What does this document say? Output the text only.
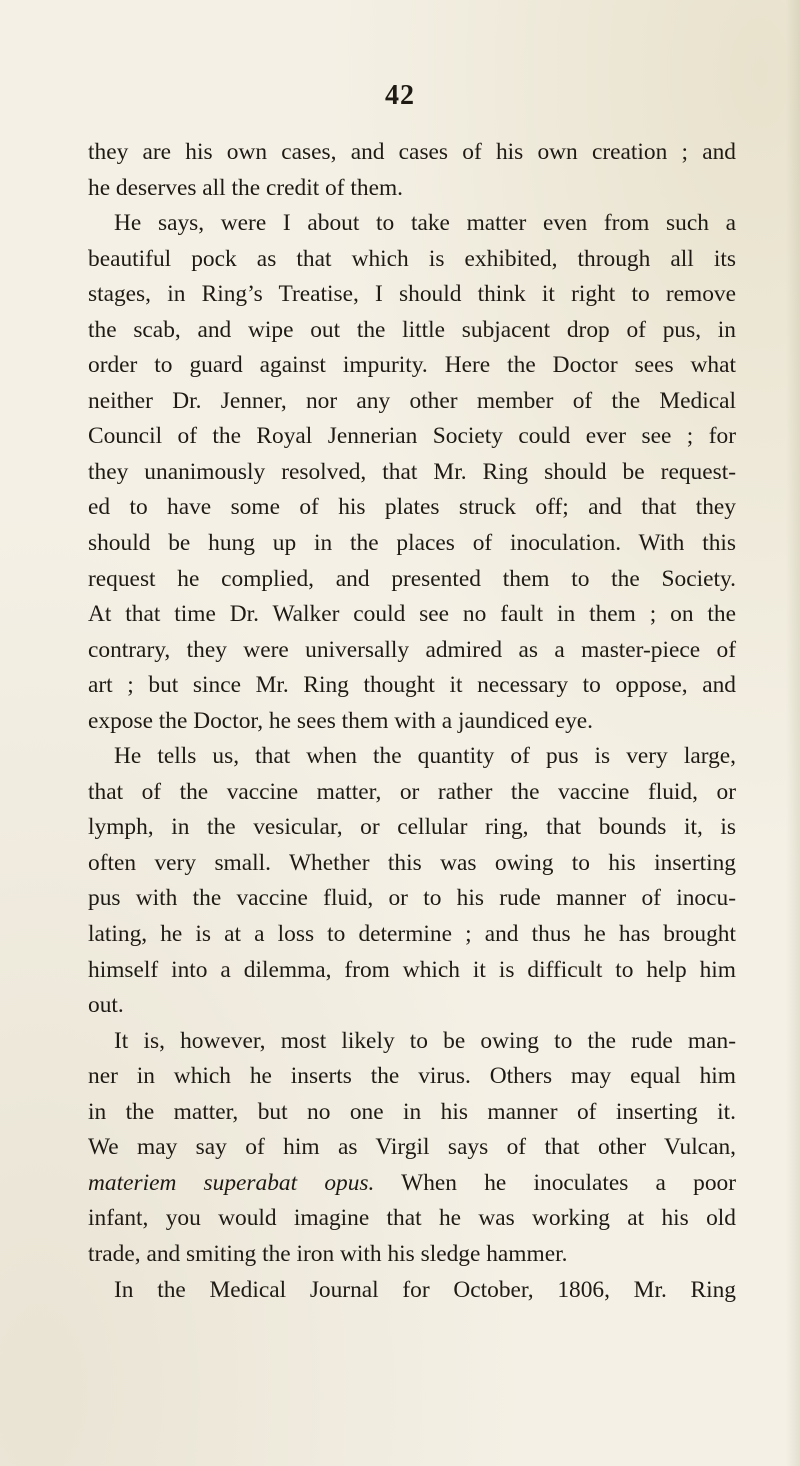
42
they are his own cases, and cases of his own creation ; and
he deserves all the credit of them.
He says, were I about to take matter even from such a
beautiful pock as that which is exhibited, through all its
stages, in Ring’s Treatise, I should think it right to remove
the scab, and wipe out the little subjacent drop of pus, in
order to guard against impurity. Here the Doctor sees what
neither Dr. Jenner, nor any other member of the Medical
Council of the Royal Jennerian Society could ever see ; for
they unanimously resolved, that Mr. Ring should be request-
ed to have some of his plates struck off; and that they
should be hung up in the places of inoculation. With this
request he complied, and presented them to the Society.
At that time Dr. Walker could see no fault in them ; on the
contrary, they were universally admired as a master-piece of
art ; but since Mr. Ring thought it necessary to oppose, and
expose the Doctor, he sees them with a jaundiced eye.
He tells us, that when the quantity of pus is very large,
that of the vaccine matter, or rather the vaccine fluid, or
lymph, in the vesicular, or cellular ring, that bounds it, is
often very small. Whether this was owing to his inserting
pus with the vaccine fluid, or to his rude manner of inocu-
lating, he is at a loss to determine ; and thus he has brought
himself into a dilemma, from which it is difficult to help him
out.
It is, however, most likely to be owing to the rude man-
ner in which he inserts the virus. Others may equal him
in the matter, but no one in his manner of inserting it.
We may say of him as Virgil says of that other Vulcan,
materiem superabat opus. When he inoculates a poor
infant, you would imagine that he was working at his old
trade, and smiting the iron with his sledge hammer.
In the Medical Journal for October, 1806, Mr. Ring
